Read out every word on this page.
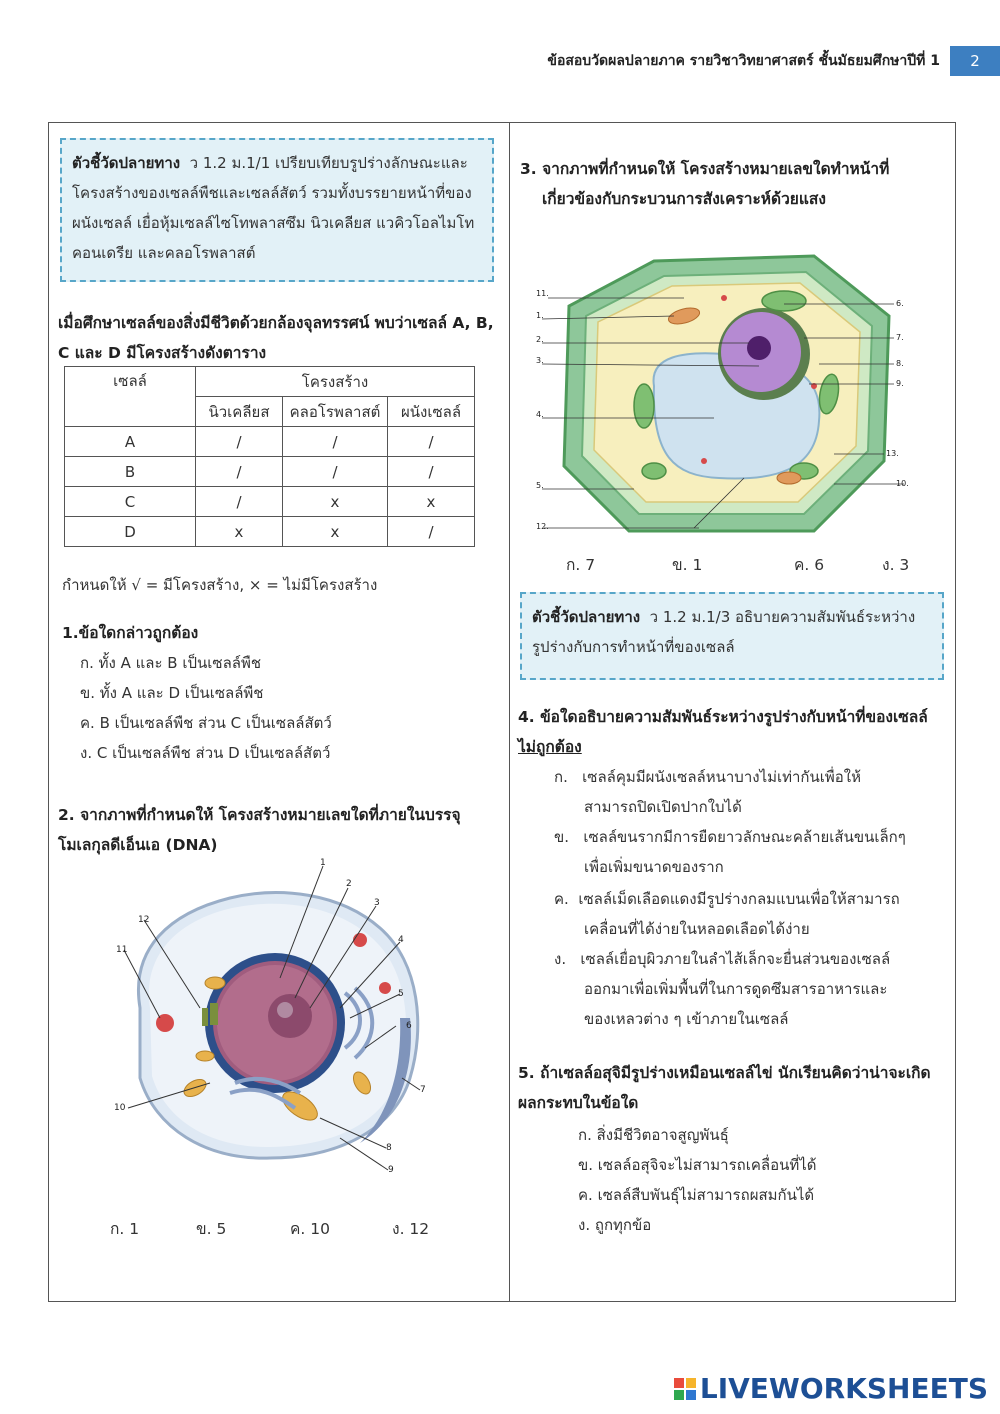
ข้อสอบวัดผลปลายภาค รายวิชาวิทยาศาสตร์ ชั้นมัธยมศึกษาปีที่ 1	2
ตัวชี้วัดปลายทาง ว 1.2 ม.1/1 เปรียบเทียบรูปร่างลักษณะและโครงสร้างของเซลล์พืชและเซลล์สัตว์ รวมทั้งบรรยายหน้าที่ของผนังเซลล์ เยื่อหุ้มเซลล์ไซโทพลาสซึม นิวเคลียส แวคิวโอลไมโทคอนเดรีย และคลอโรพลาสต์
เมื่อศึกษาเซลล์ของสิ่งมีชีวิตด้วยกล้องจุลทรรศน์ พบว่าเซลล์ A, B, C และ D มีโครงสร้างดังตาราง
เซลล์	โครงสร้าง		
	นิวเคลียส	คลอโรพลาสต์	ผนังเซลล์
A	/	/	/
B	/	/	/
C	/	x	x
D	x	x	/
กำหนดให้ √ = มีโครงสร้าง, × = ไม่มีโครงสร้าง
1.ข้อใดกล่าวถูกต้อง
ก. ทั้ง A และ B เป็นเซลล์พืช
ข. ทั้ง A และ D เป็นเซลล์พืช
ค. B เป็นเซลล์พืช ส่วน C เป็นเซลล์สัตว์
ง. C เป็นเซลล์พืช ส่วน D เป็นเซลล์สัตว์
2. จากภาพที่กำหนดให้ โครงสร้างหมายเลขใดที่ภายในบรรจุโมเลกุลดีเอ็นเอ (DNA)
1
2
3
4
5
6
7
8
9
10
11
12
ก. 1	ข. 5	ค. 10	ง. 12
3. จากภาพที่กำหนดให้ โครงสร้างหมายเลขใดทำหน้าที่
เกี่ยวข้องกับกระบวนการสังเคราะห์ด้วยแสง
11.
1.
2.
3.
4.
5.
12.
6.
7.
8.
9.
13.
10.
ก. 7	ข. 1	ค. 6	ง. 3
ตัวชี้วัดปลายทาง ว 1.2 ม.1/3 อธิบายความสัมพันธ์ระหว่างรูปร่างกับการทำหน้าที่ของเซลล์
4. ข้อใดอธิบายความสัมพันธ์ระหว่างรูปร่างกับหน้าที่ของเซลล์ ไม่ถูกต้อง
ก. เซลล์คุมมีผนังเซลล์หนาบางไม่เท่ากันเพื่อให้
สามารถปิดเปิดปากใบได้
ข. เซลล์ขนรากมีการยืดยาวลักษณะคล้ายเส้นขนเล็กๆ
เพื่อเพิ่มขนาดของราก
ค. เซลล์เม็ดเลือดแดงมีรูปร่างกลมแบนเพื่อให้สามารถ
เคลื่อนที่ได้ง่ายในหลอดเลือดได้ง่าย
ง. เซลล์เยื่อบุผิวภายในลำไส้เล็กจะยื่นส่วนของเซลล์
ออกมาเพื่อเพิ่มพื้นที่ในการดูดซึมสารอาหารและ
ของเหลวต่าง ๆ เข้าภายในเซลล์
5. ถ้าเซลล์อสุจิมีรูปร่างเหมือนเซลล์ไข่ นักเรียนคิดว่าน่าจะเกิดผลกระทบในข้อใด
ก. สิ่งมีชีวิตอาจสูญพันธุ์
ข. เซลล์อสุจิจะไม่สามารถเคลื่อนที่ได้
ค. เซลล์สืบพันธุ์ไม่สามารถผสมกันได้
ง. ถูกทุกข้อ
LIVEWORKSHEETS
